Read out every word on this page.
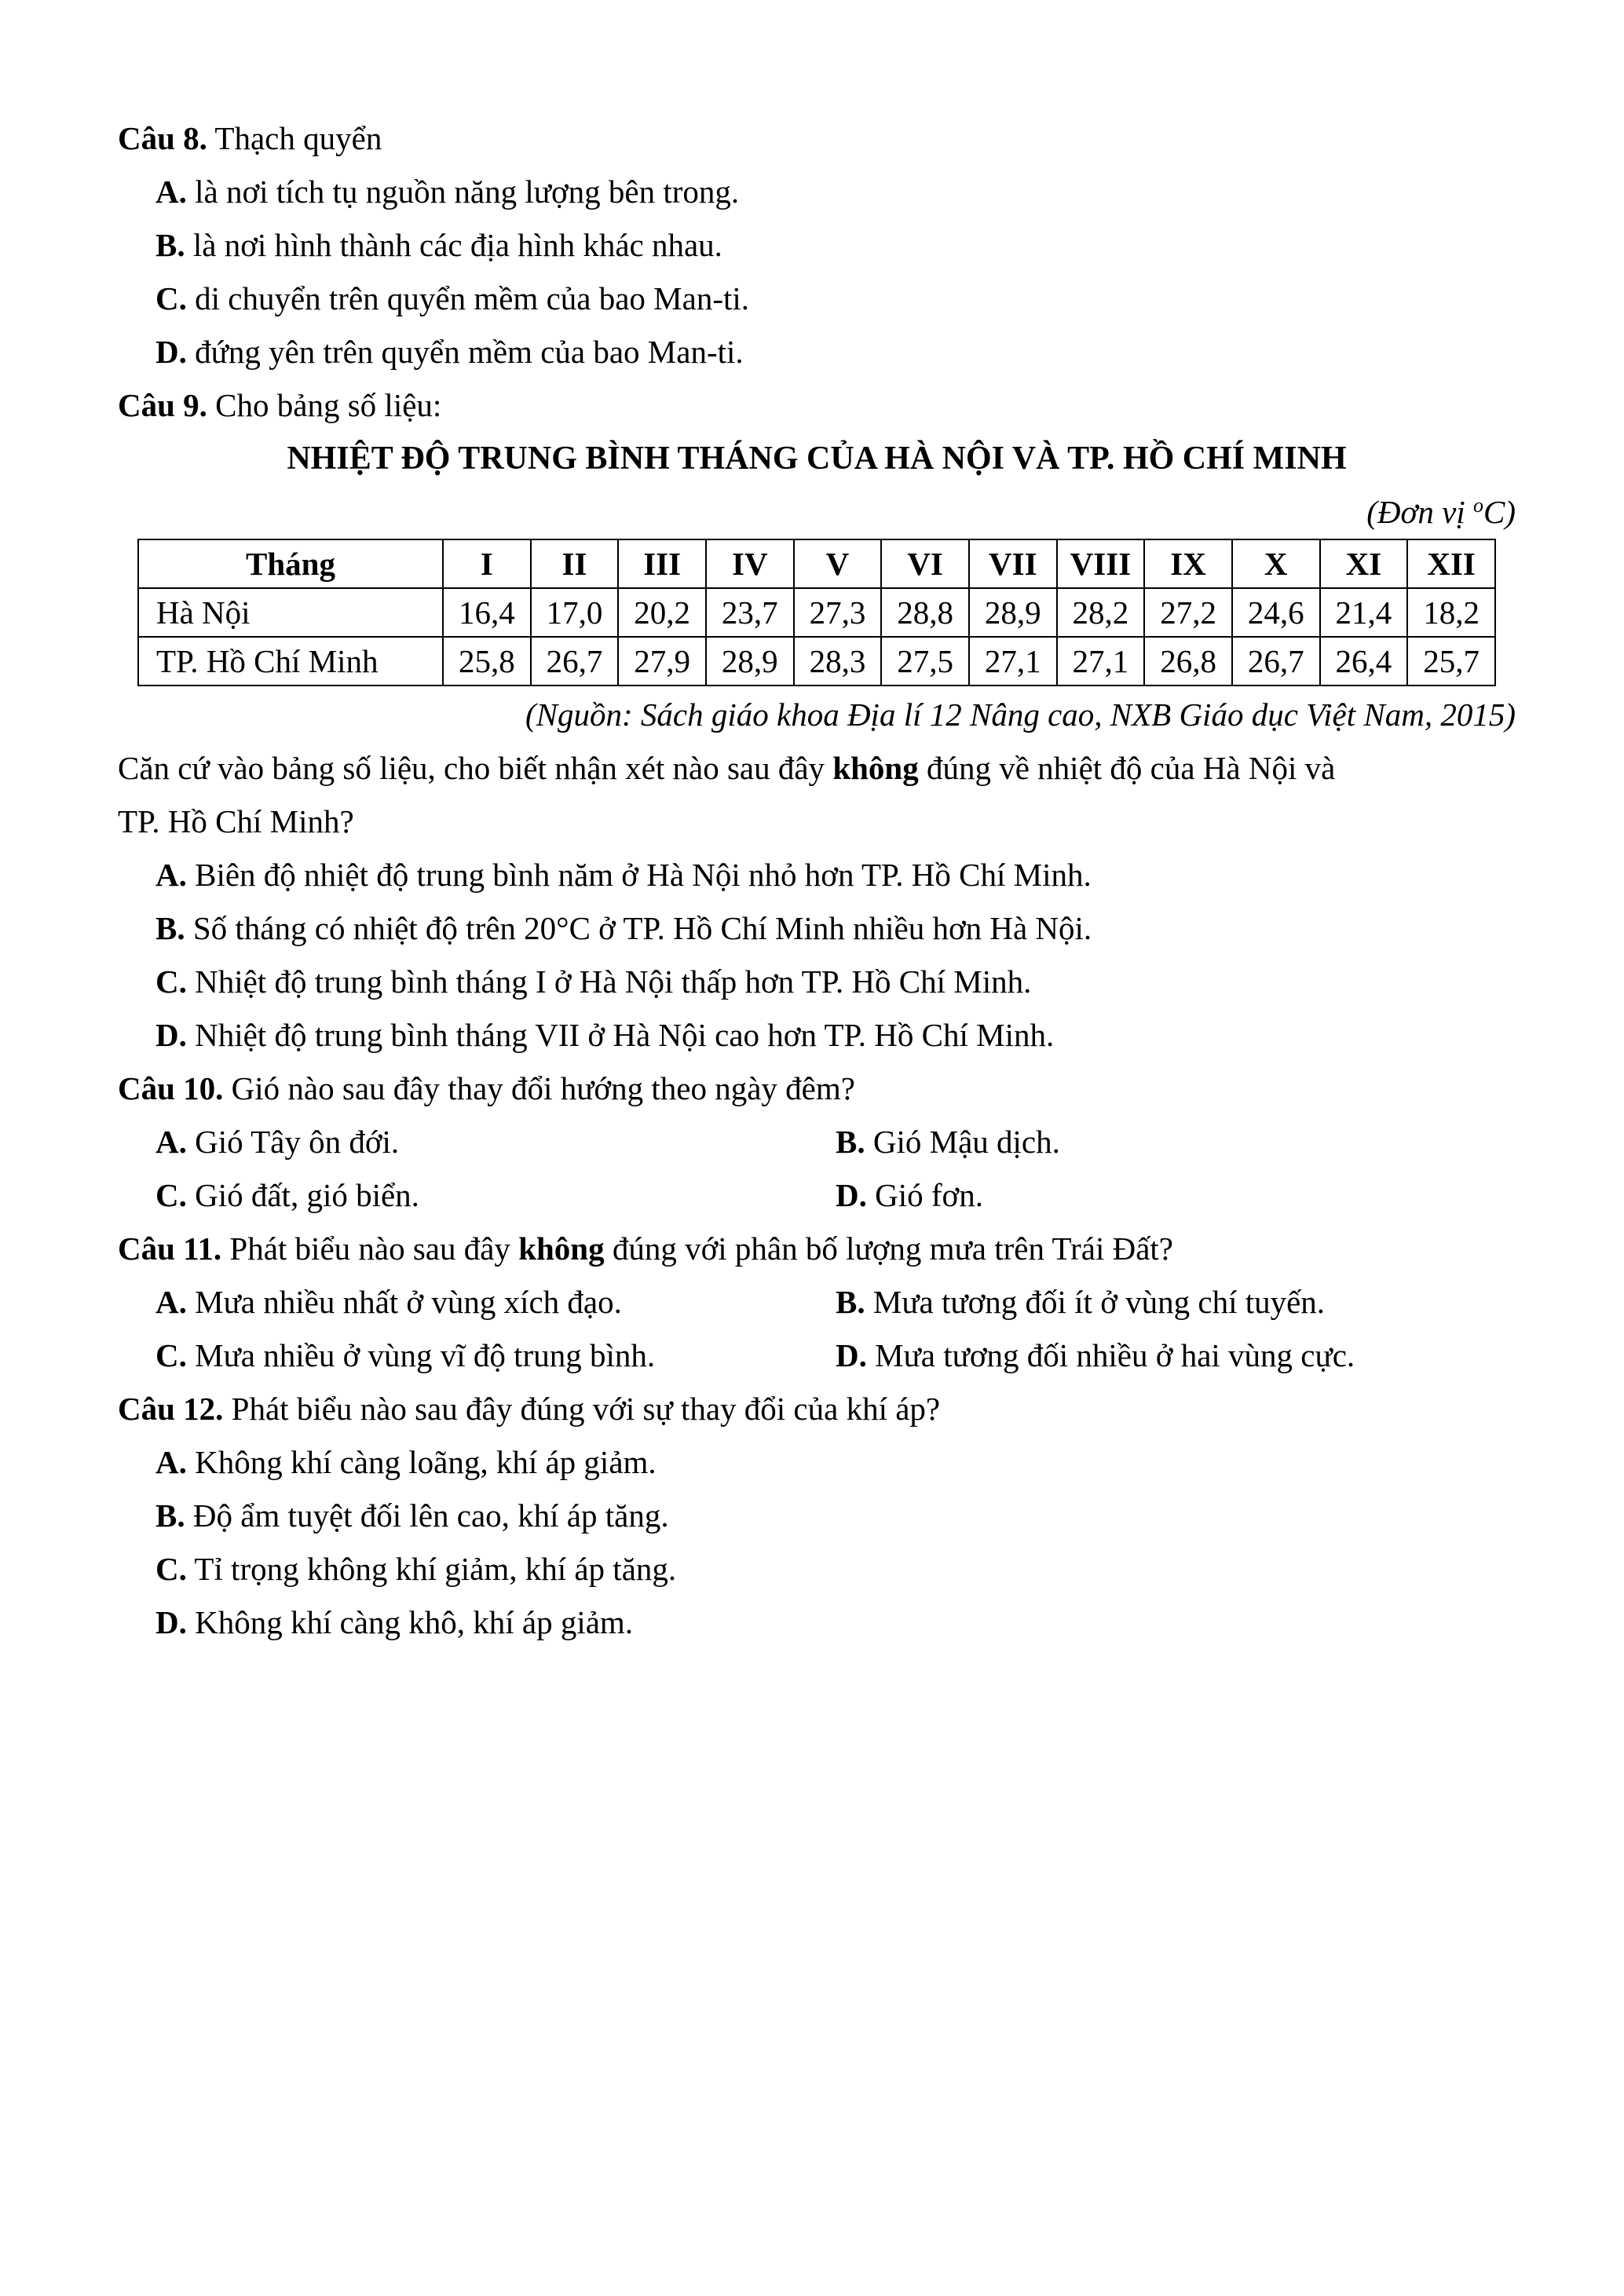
Câu 8. Thạch quyển
A. là nơi tích tụ nguồn năng lượng bên trong.
B. là nơi hình thành các địa hình khác nhau.
C. di chuyển trên quyển mềm của bao Man-ti.
D. đứng yên trên quyển mềm của bao Man-ti.
Câu 9. Cho bảng số liệu:
NHIỆT ĐỘ TRUNG BÌNH THÁNG CỦA HÀ NỘI VÀ TP. HỒ CHÍ MINH
(Đơn vị $^o$C)
Tháng	I	II	III	IV	V	VI	VII	VIII	IX	X	XI	XII
Hà Nội	16,4	17,0	20,2	23,7	27,3	28,8	28,9	28,2	27,2	24,6	21,4	18,2
TP. Hồ Chí Minh	25,8	26,7	27,9	28,9	28,3	27,5	27,1	27,1	26,8	26,7	26,4	25,7
(Nguồn: Sách giáo khoa Địa lí 12 Nâng cao, NXB Giáo dục Việt Nam, 2015)
Căn cứ vào bảng số liệu, cho biết nhận xét nào sau đây không đúng về nhiệt độ của Hà Nội và
TP. Hồ Chí Minh?
A. Biên độ nhiệt độ trung bình năm ở Hà Nội nhỏ hơn TP. Hồ Chí Minh.
B. Số tháng có nhiệt độ trên 20°C ở TP. Hồ Chí Minh nhiều hơn Hà Nội.
C. Nhiệt độ trung bình tháng I ở Hà Nội thấp hơn TP. Hồ Chí Minh.
D. Nhiệt độ trung bình tháng VII ở Hà Nội cao hơn TP. Hồ Chí Minh.
Câu 10. Gió nào sau đây thay đổi hướng theo ngày đêm?
A. Gió Tây ôn đới.	B. Gió Mậu dịch.
C. Gió đất, gió biển.	D. Gió fơn.
Câu 11. Phát biểu nào sau đây không đúng với phân bố lượng mưa trên Trái Đất?
A. Mưa nhiều nhất ở vùng xích đạo.	B. Mưa tương đối ít ở vùng chí tuyến.
C. Mưa nhiều ở vùng vĩ độ trung bình.	D. Mưa tương đối nhiều ở hai vùng cực.
Câu 12. Phát biểu nào sau đây đúng với sự thay đổi của khí áp?
A. Không khí càng loãng, khí áp giảm.
B. Độ ẩm tuyệt đối lên cao, khí áp tăng.
C. Tỉ trọng không khí giảm, khí áp tăng.
D. Không khí càng khô, khí áp giảm.
